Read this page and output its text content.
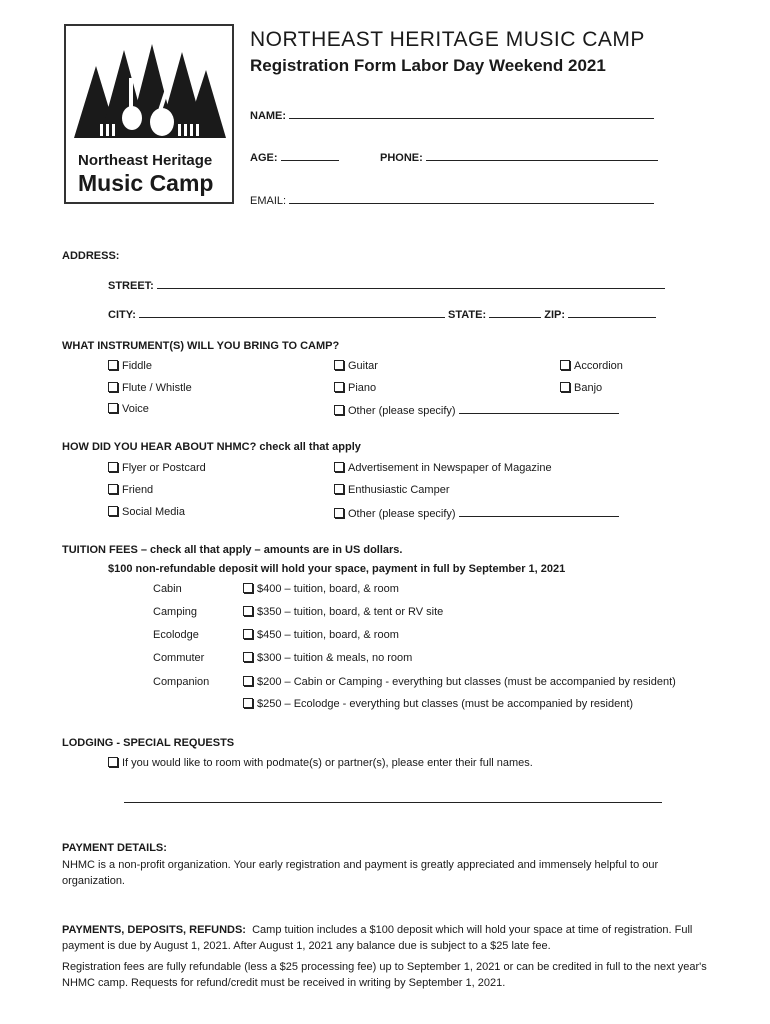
Northeast Heritage
Music Camp
NORTHEAST HERITAGE MUSIC CAMP
Registration Form Labor Day Weekend 2021
NAME:
AGE:	PHONE:
EMAIL:
ADDRESS:
STREET:
CITY:	STATE:	ZIP:
WHAT INSTRUMENT(S) WILL YOU BRING TO CAMP?
Fiddle	Guitar	Accordion
Flute / Whistle	Piano	Banjo
Voice	Other (please specify)
HOW DID YOU HEAR ABOUT NHMC? check all that apply
Flyer or Postcard	Advertisement in Newspaper of Magazine
Friend	Enthusiastic Camper
Social Media	Other (please specify)
TUITION FEES – check all that apply – amounts are in US dollars.
$100 non-refundable deposit will hold your space, payment in full by September 1, 2021
Cabin	$400 – tuition, board, & room
Camping	$350 – tuition, board, & tent or RV site
Ecolodge	$450 – tuition, board, & room
Commuter	$300 – tuition & meals, no room
Companion	$200 – Cabin or Camping - everything but classes (must be accompanied by resident)
$250 – Ecolodge - everything but classes (must be accompanied by resident)
LODGING - SPECIAL REQUESTS
If you would like to room with podmate(s) or partner(s), please enter their full names.
PAYMENT DETAILS:
NHMC is a non-profit organization. Your early registration and payment is greatly appreciated and immensely helpful to our organization.
PAYMENTS, DEPOSITS, REFUNDS: Camp tuition includes a $100 deposit which will hold your space at time of registration. Full payment is due by August 1, 2021. After August 1, 2021 any balance due is subject to a $25 late fee.
Registration fees are fully refundable (less a $25 processing fee) up to September 1, 2021 or can be credited in full to the next year's NHMC camp. Requests for refund/credit must be received in writing by September 1, 2021.
